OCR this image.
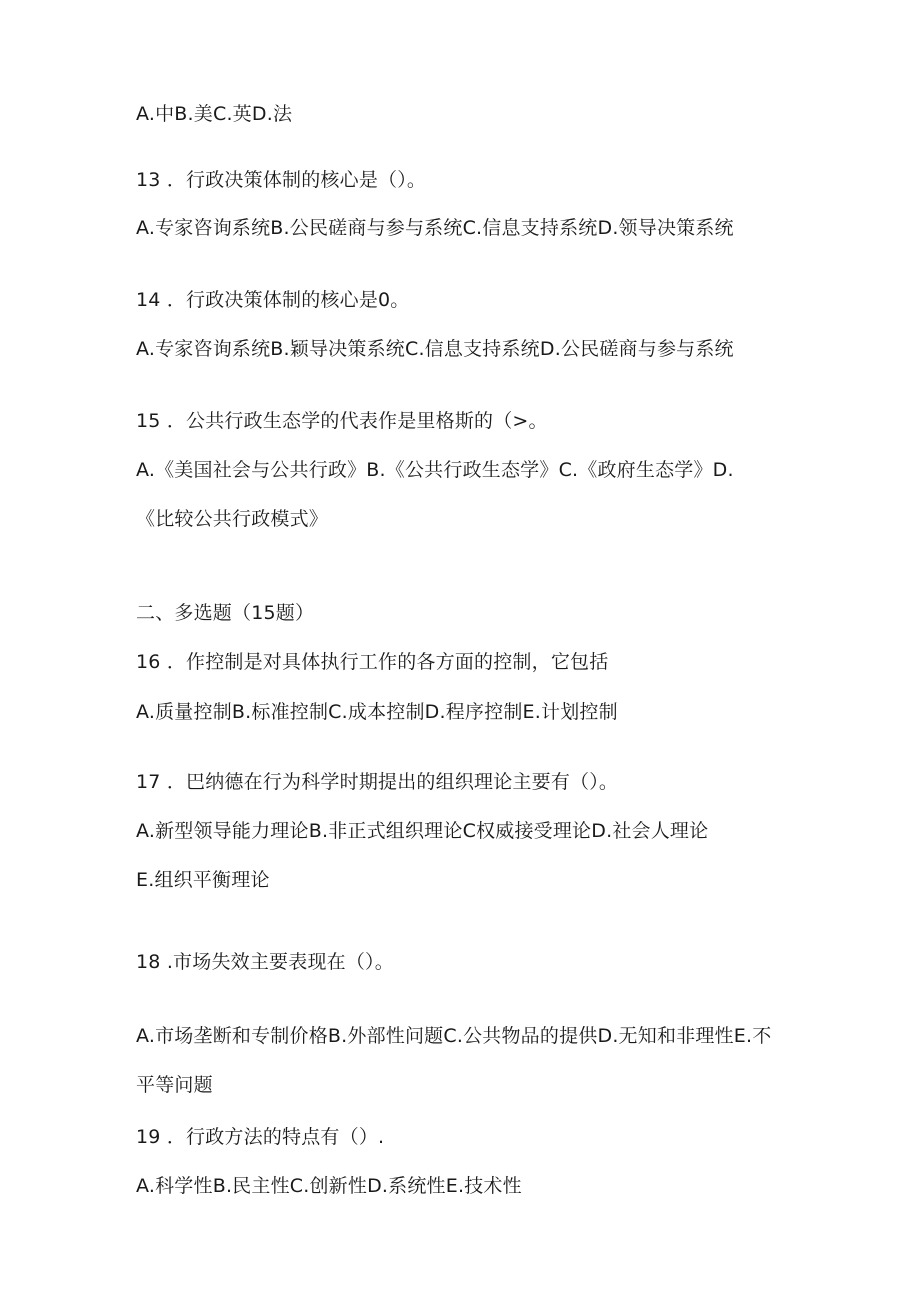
A.中B.美C.英D.法
13 ．行政决策体制的核心是（）。
A.专家咨询系统B.公民磋商与参与系统C.信息支持系统D.领导决策系统
14 ．行政决策体制的核心是0。
A.专家咨询系统B.颖导决策系统C.信息支持系统D.公民磋商与参与系统
15 ．公共行政生态学的代表作是里格斯的（>。
A.《美国社会与公共行政》B.《公共行政生态学》C.《政府生态学》D.
《比较公共行政模式》
二、多选题（15题）
16 ．作控制是对具体执行工作的各方面的控制，它包括
A.质量控制B.标准控制C.成本控制D.程序控制E.计划控制
17 ．巴纳德在行为科学时期提出的组织理论主要有（）。
A.新型领导能力理论B.非正式组织理论C权威接受理论D.社会人理论
E.组织平衡理论
18 .市场失效主要表现在（）。
A.市场垄断和专制价格B.外部性问题C.公共物品的提供D.无知和非理性E.不
平等问题
19 ．行政方法的特点有（）.
A.科学性B.民主性C.创新性D.系统性E.技术性
